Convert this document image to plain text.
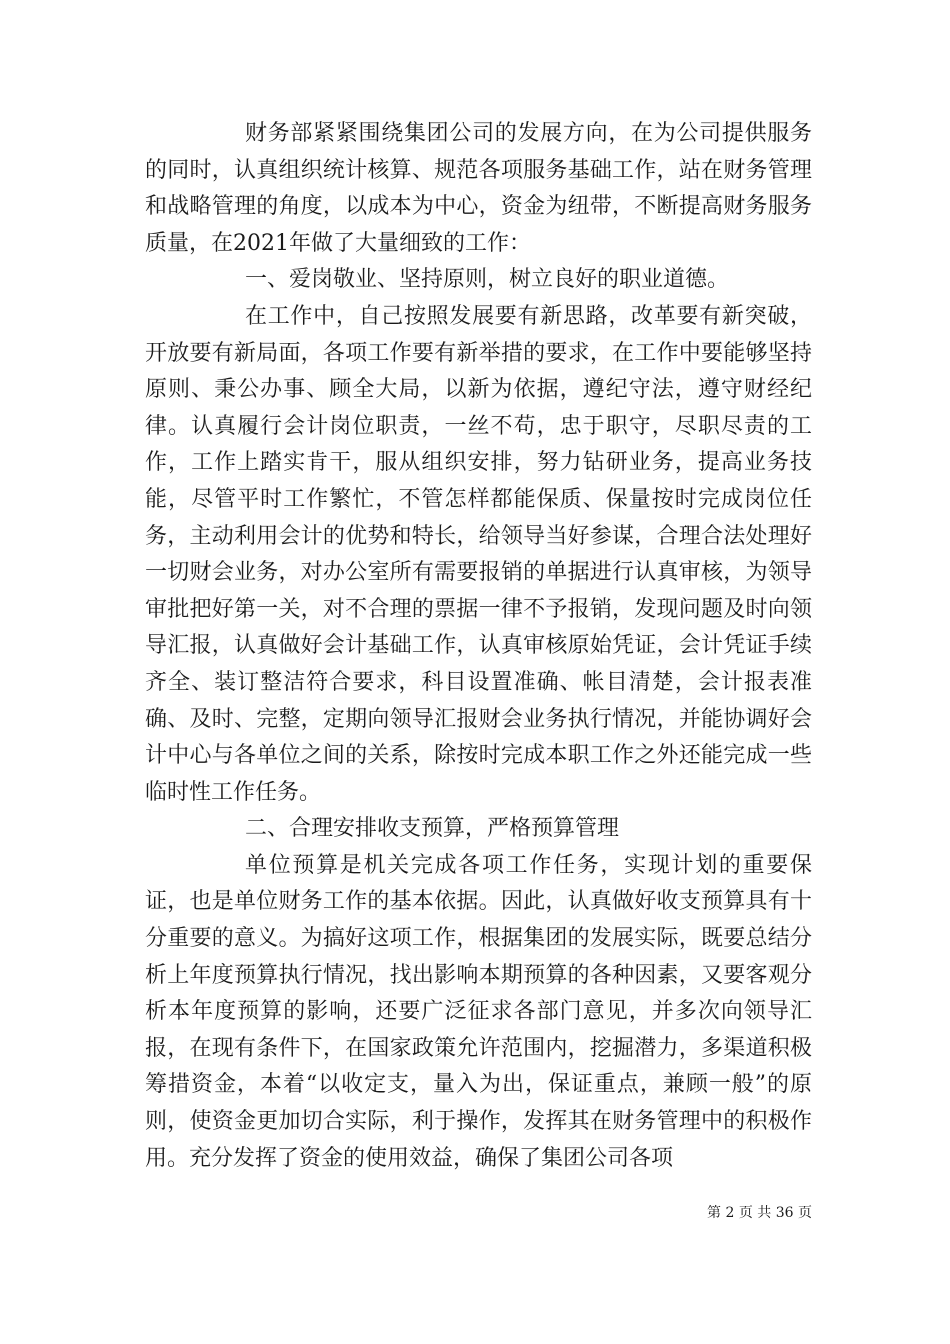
财务部紧紧围绕集团公司的发展方向，在为公司提供服务的同时，认真组织统计核算、规范各项服务基础工作，站在财务管理和战略管理的角度，以成本为中心，资金为纽带，不断提高财务服务质量，在2021年做了大量细致的工作：

一、爱岗敬业、坚持原则，树立良好的职业道德。

在工作中，自己按照发展要有新思路，改革要有新突破，开放要有新局面，各项工作要有新举措的要求，在工作中要能够坚持原则、秉公办事、顾全大局，以新为依据，遵纪守法，遵守财经纪律。认真履行会计岗位职责，一丝不苟，忠于职守，尽职尽责的工作，工作上踏实肯干，服从组织安排，努力钻研业务，提高业务技能，尽管平时工作繁忙，不管怎样都能保质、保量按时完成岗位任务，主动利用会计的优势和特长，给领导当好参谋，合理合法处理好一切财会业务，对办公室所有需要报销的单据进行认真审核，为领导审批把好第一关，对不合理的票据一律不予报销，发现问题及时向领导汇报，认真做好会计基础工作，认真审核原始凭证，会计凭证手续齐全、装订整洁符合要求，科目设置准确、帐目清楚，会计报表准确、及时、完整，定期向领导汇报财会业务执行情况，并能协调好会计中心与各单位之间的关系，除按时完成本职工作之外还能完成一些临时性工作任务。

二、合理安排收支预算，严格预算管理

单位预算是机关完成各项工作任务，实现计划的重要保证，也是单位财务工作的基本依据。因此，认真做好收支预算具有十分重要的意义。为搞好这项工作，根据集团的发展实际，既要总结分析上年度预算执行情况，找出影响本期预算的各种因素，又要客观分析本年度预算的影响，还要广泛征求各部门意见，并多次向领导汇报，在现有条件下，在国家政策允许范围内，挖掘潜力，多渠道积极筹措资金，本着“以收定支，量入为出，保证重点，兼顾一般”的原则，使资金更加切合实际，利于操作，发挥其在财务管理中的积极作用。充分发挥了资金的使用效益，确保了集团公司各项

第 2 页 共 36 页
